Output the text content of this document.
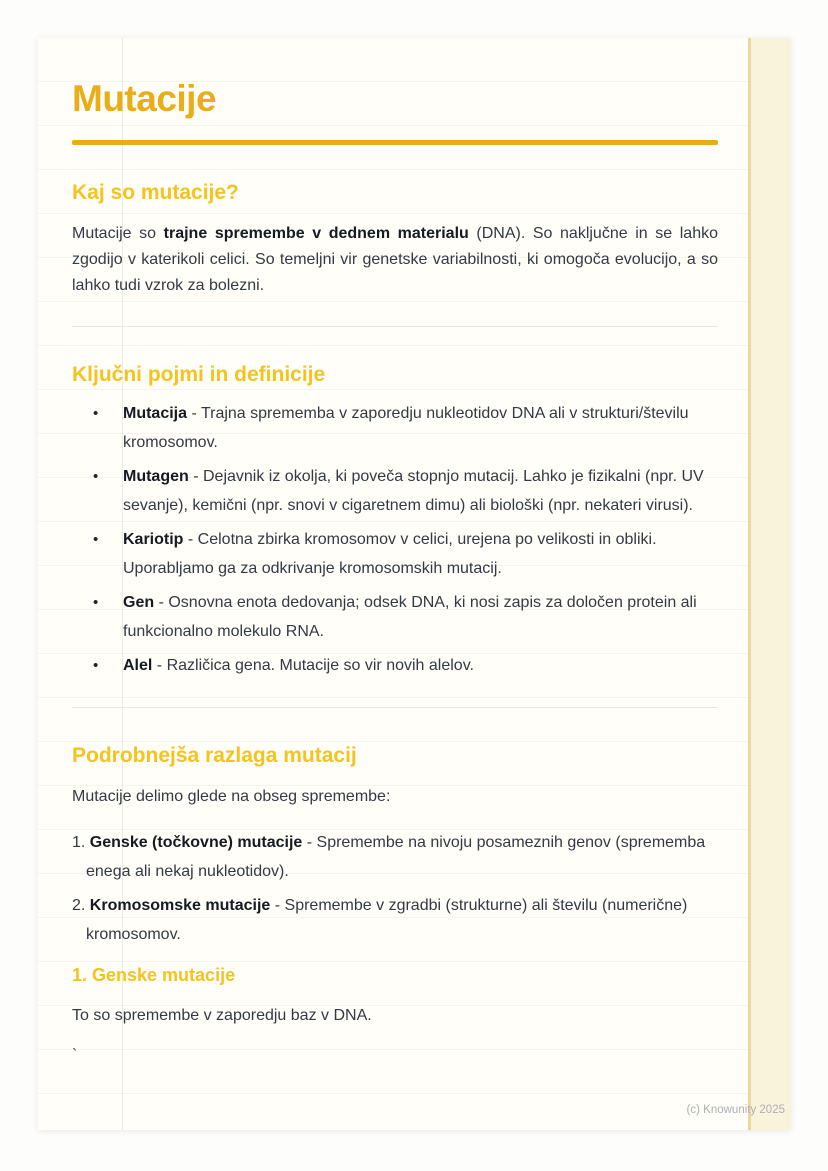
Mutacije
Kaj so mutacije?

Mutacije so trajne spremembe v dednem materialu (DNA). So naključne in se lahko zgodijo v katerikoli celici. So temeljni vir genetske variabilnosti, ki omogoča evolucijo, a so lahko tudi vzrok za bolezni.

Ključni pojmi in definicije
• Mutacija - Trajna sprememba v zaporedju nukleotidov DNA ali v strukturi/številu kromosomov.
• Mutagen - Dejavnik iz okolja, ki poveča stopnjo mutacij. Lahko je fizikalni (npr. UV sevanje), kemični (npr. snovi v cigaretnem dimu) ali biološki (npr. nekateri virusi).
• Kariotip - Celotna zbirka kromosomov v celici, urejena po velikosti in obliki. Uporabljamo ga za odkrivanje kromosomskih mutacij.
• Gen - Osnovna enota dedovanja; odsek DNA, ki nosi zapis za določen protein ali funkcionalno molekulo RNA.
• Alel - Različica gena. Mutacije so vir novih alelov.
Podrobnejša razlaga mutacij

Mutacije delimo glede na obseg spremembe:

1. Genske (točkovne) mutacije - Spremembe na nivoju posameznih genov (sprememba enega ali nekaj nukleotidov).
2. Kromosomske mutacije - Spremembe v zgradbi (strukturne) ali številu (numerične) kromosomov.
1. Genske mutacije

To so spremembe v zaporedju baz v DNA.

`

(c) Knowunity 2025
